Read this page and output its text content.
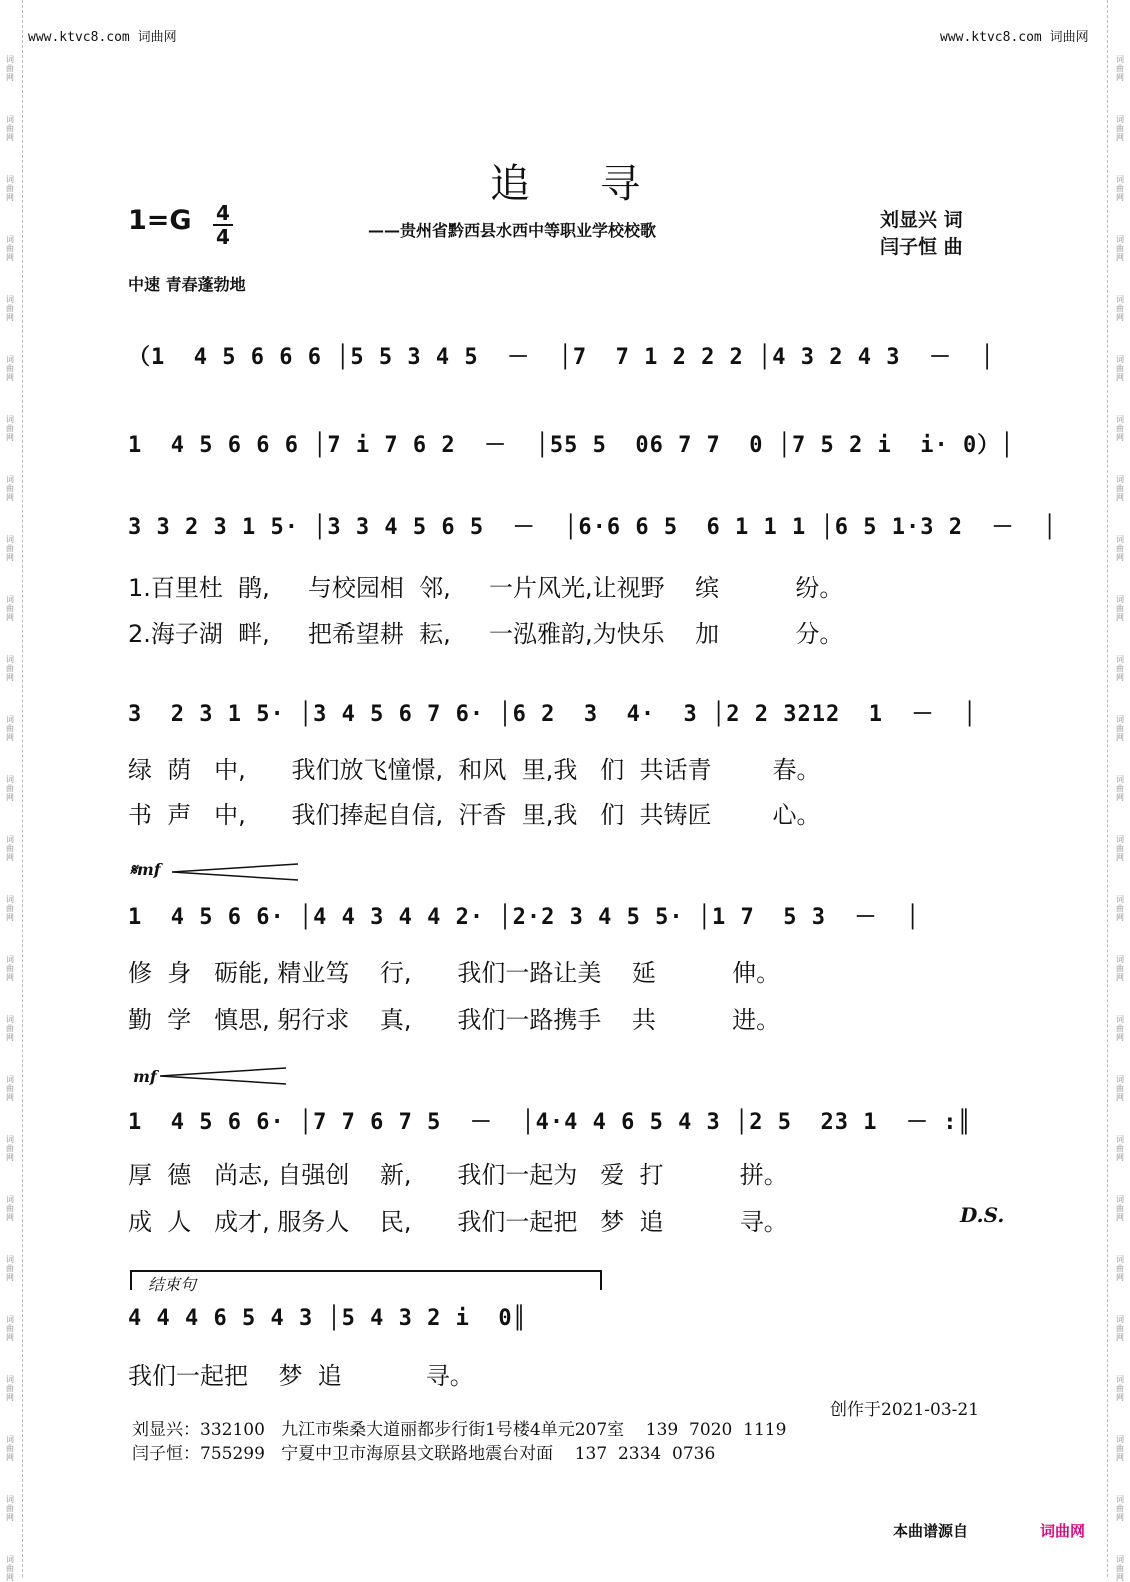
www.ktvc8.com 词曲网	www.ktvc8.com 词曲网
追寻
1=G 4
4	——贵州省黔西县水西中等职业学校校歌	刘显兴 词
闫子恒 曲
中速 青春蓬勃地
（1  4 5 6 6 6 │5 5 3 4 5  －  │7  7 1 2 2 2 │4 3 2 4 3  －  │
1  4 5 6 6 6 │7 i 7 6 2  －  │55 5  06 7 7  0 │7 5 2 i  i· 0）│
3 3 2 3 1 5· │3 3 4 5 6 5  －  │6·6 6 5  6 1 1 1 │6 5 1·3 2  －  │
1.百里杜  鹃,     与校园相  邻,     一片风光,让视野    缤          纷。
2.海子湖  畔,     把希望耕  耘,     一泓雅韵,为快乐    加          分。
3  2 3 1 5· │3 4 5 6 7 6· │6 2  3  4·  3 │2 2 3212  1  －  │
绿  荫   中,      我们放飞憧憬,  和风  里,我   们  共话青        春。
书  声   中,      我们捧起自信,  汗香  里,我   们  共铸匠        心。
𝄋mf
1  4 5 6 6· │4 4 3 4 4 2· │2·2 3 4 5 5· │1 7  5 3  －  │
修  身   砺能, 精业笃    行,      我们一路让美    延          伸。
勤  学   慎思, 躬行求    真,      我们一路携手    共          进。
mf
1  4 5 6 6· │7 7 6 7 5  －  │4·4 4 6 5 4 3 │2 5  23 1  － :║
厚  德   尚志, 自强创    新,      我们一起为   爱  打          拼。
成  人   成才, 服务人    民,      我们一起把   梦  追          寻。	D.S.
结束句
4 4 4 6 5 4 3 │5 4 3 2 i  0║
我们一起把    梦  追           寻。
创作于2021-03-21
刘显兴：332100   九江市柴桑大道丽都步行街1号楼4单元207室    139  7020  1119
闫子恒：755299   宁夏中卫市海原县文联路地震台对面    137  2334  0736
本曲谱源自	词曲网
词
曲
网
词
曲
网
词
曲
网
词
曲
网
词
曲
网
词
曲
网
词
曲
网
词
曲
网
词
曲
网
词
曲
网
词
曲
网
词
曲
网
词
曲
网
词
曲
网
词
曲
网
词
曲
网
词
曲
网
词
曲
网
词
曲
网
词
曲
网
词
曲
网
词
曲
网
词
曲
网
词
曲
网
词
曲
网
词
曲
网
词
曲
网
词
曲
网
词
曲
网
词
曲
网
词
曲
网
词
曲
网
词
曲
网
词
曲
网
词
曲
网
词
曲
网
词
曲
网
词
曲
网
词
曲
网
词
曲
网
词
曲
网
词
曲
网
词
曲
网
词
曲
网
词
曲
网
词
曲
网
词
曲
网
词
曲
网
词
曲
网
词
曲
网
词
曲
网
词
曲
网
